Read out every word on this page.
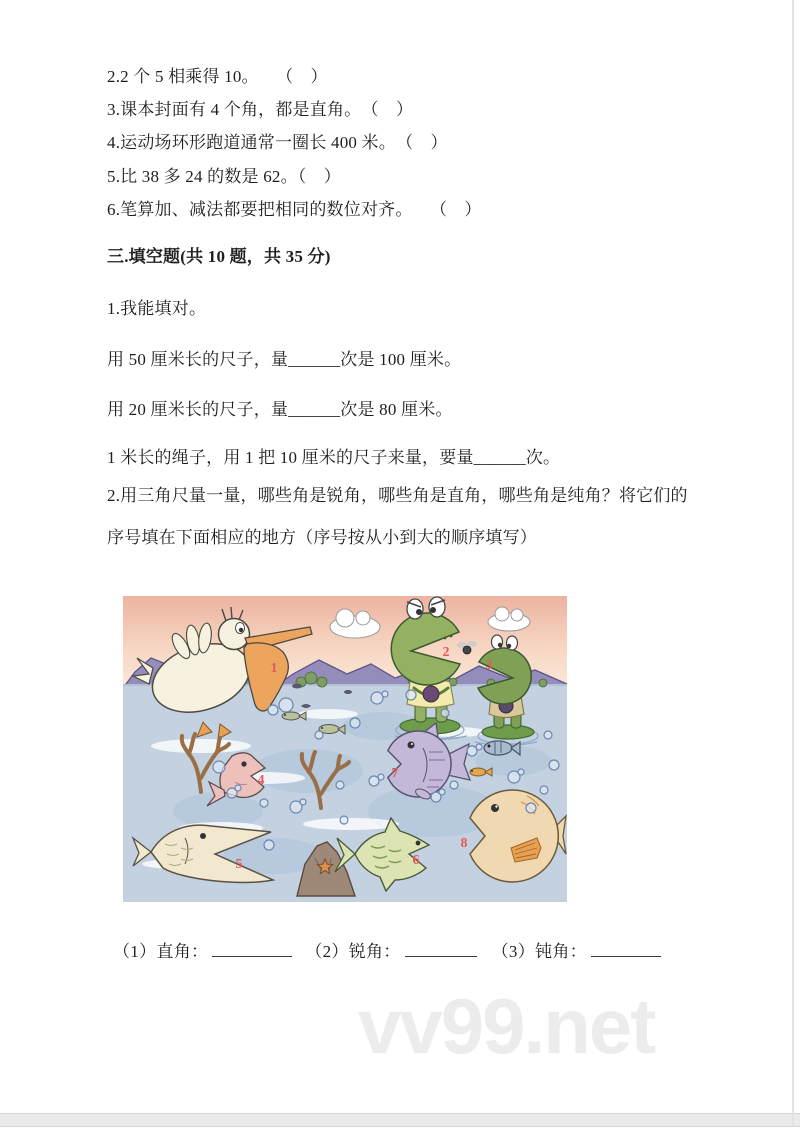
2.2 个 5 相乘得 10。　　（　）
3.课本封面有 4 个角，都是直角。　（　）
4.运动场环形跑道通常一圈长 400 米。　（　）
5.比 38 多 24 的数是 62。（　）
6.笔算加、减法都要把相同的数位对齐。　　（　）
三.填空题(共 10 题，共 35 分)
1.我能填对。
用 50 厘米长的尺子，量______次是 100 厘米。
用 20 厘米长的尺子，量______次是 80 厘米。
1 米长的绳子，用 1 把 10 厘米的尺子来量，要量______次。
2.用三角尺量一量，哪些角是锐角，哪些角是直角，哪些角是纯角？将它们的
序号填在下面相应的地方（序号按从小到大的顺序填写）
1
2
3
4
5	6
7
8
（1）直角：	（2）锐角：	（3）钝角：
vv99.net
